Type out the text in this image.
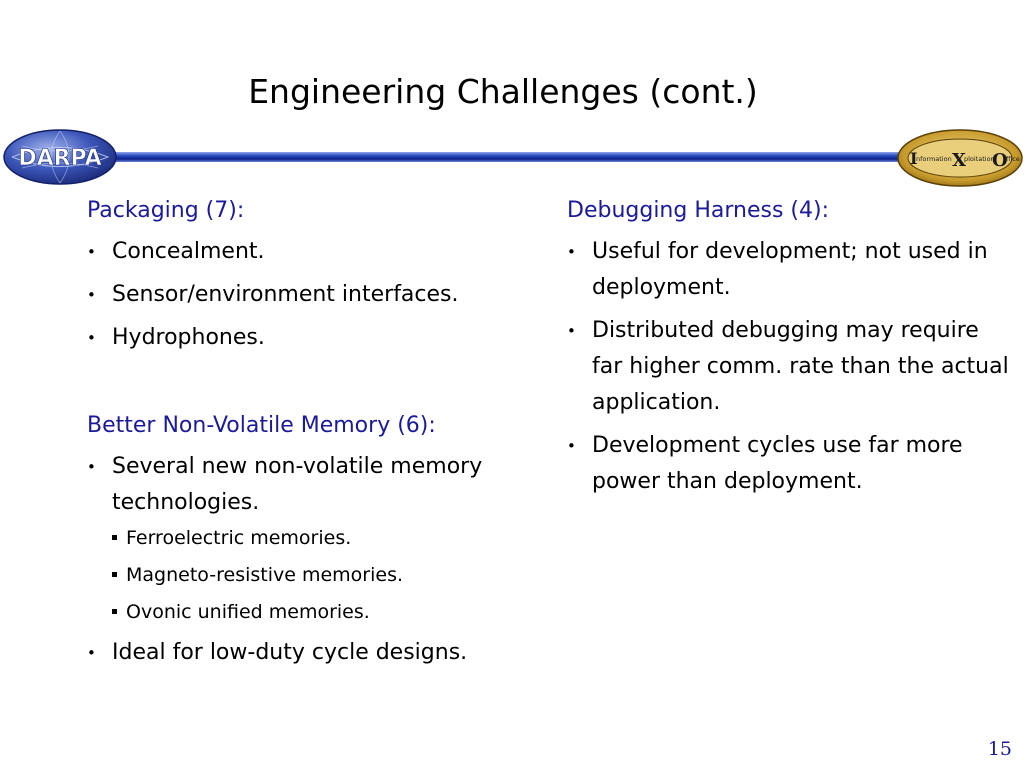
Engineering Challenges (cont.)
DARPA	I
nformation X
ploitation
O
ffice
Packaging (7):
• Concealment.
• Sensor/environment interfaces.
• Hydrophones.
Better Non-Volatile Memory (6):
• Several new non-volatile memory technologies.
Ferroelectric memories.
Magneto-resistive memories.
Ovonic unified memories.
• Ideal for low-duty cycle designs.
Debugging Harness (4):
• Useful for development; not used in deployment.
• Distributed debugging may require far higher comm. rate than the actual application.
• Development cycles use far more power than deployment.
15
